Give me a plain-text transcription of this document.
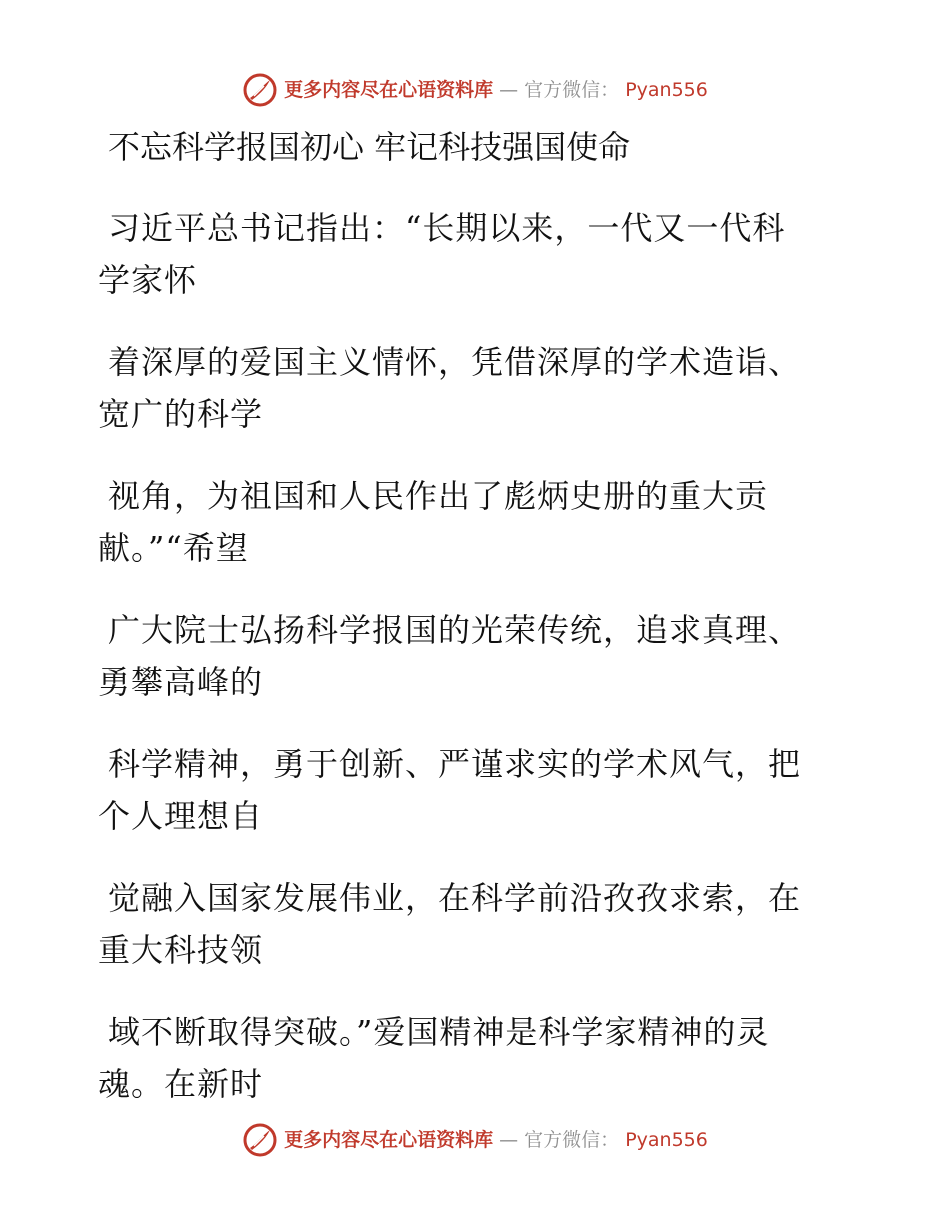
更多内容尽在心语资料库 — 官方微信： Pyan556
不忘科学报国初心 牢记科技强国使命
习近平总书记指出：“长期以来，一代又一代科
学家怀
着深厚的爱国主义情怀，凭借深厚的学术造诣、
宽广的科学
视角，为祖国和人民作出了彪炳史册的重大贡
献。”“希望
广大院士弘扬科学报国的光荣传统，追求真理、
勇攀高峰的
科学精神，勇于创新、严谨求实的学术风气，把
个人理想自
觉融入国家发展伟业，在科学前沿孜孜求索，在
重大科技领
域不断取得突破。”爱国精神是科学家精神的灵
魂。在新时
更多内容尽在心语资料库 — 官方微信： Pyan556
